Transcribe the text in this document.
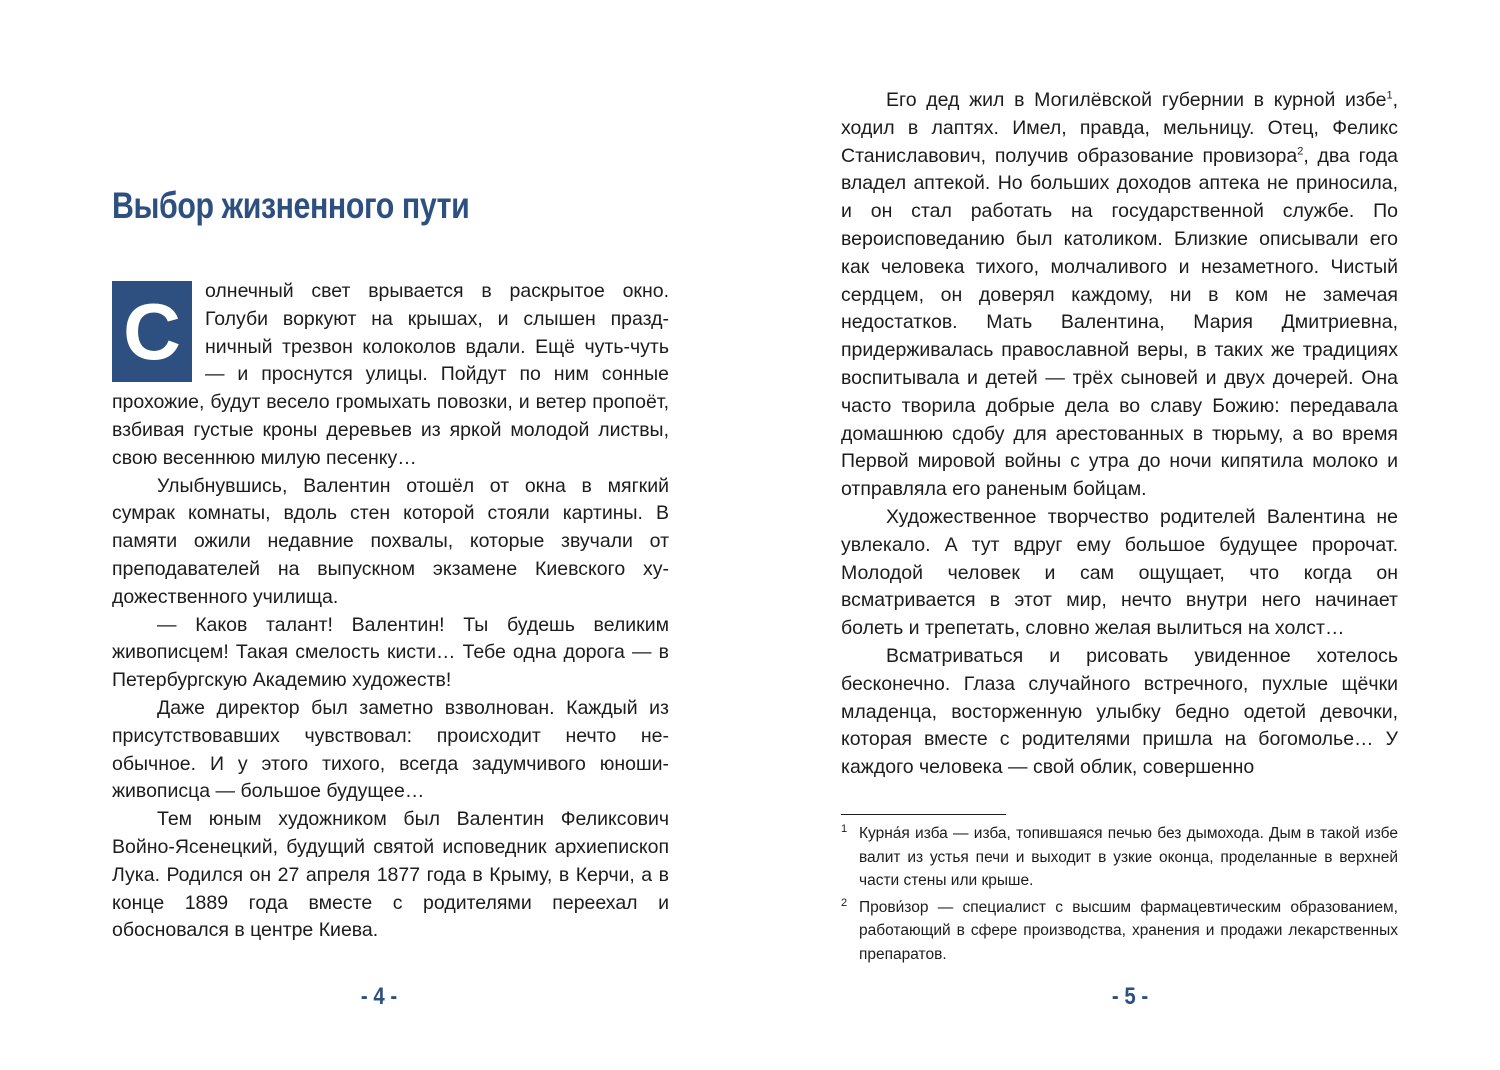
Выбор жизненного пути

С	олнечный свет врывается в раскрытое окно. Голуби воркуют на крышах, и слышен праздничный трезвон колоколов вдали. Ещё чуть-чуть — и проснутся улицы. Пойдут по ним сонные прохожие, будут весело громыхать повозки, и ветер пропоёт, взбивая густые кроны деревьев из яркой молодой листвы, свою весеннюю милую песенку…

Улыбнувшись, Валентин отошёл от окна в мягкий сумрак комнаты, вдоль стен которой стояли картины. В памяти ожили недавние похвалы, которые звучали от преподавателей на выпускном экзамене Киевского художественного училища.

— Каков талант! Валентин! Ты будешь великим живописцем! Такая смелость кисти… Тебе одна дорога — в Петербургскую Академию художеств!

Даже директор был заметно взволнован. Каждый из присутствовавших чувствовал: происходит нечто необычное. И у этого тихого, всегда задумчивого юноши-живописца — большое будущее…

Тем юным художником был Валентин Феликсович Войно-Ясенецкий, будущий святой исповедник архиепископ Лука. Родился он 27 апреля 1877 года в Крыму, в Керчи, а в конце 1889 года вместе с родителями переехал и обосновался в центре Киева.

- 4 -

Его дед жил в Могилёвской губернии в курной избе$^1$, ходил в лаптях. Имел, правда, мельницу. Отец, Феликс Станиславович, получив образование провизора$^2$, два года владел аптекой. Но больших доходов аптека не приносила, и он стал работать на государственной службе. По вероисповеданию был католиком. Близкие описывали его как человека тихого, молчаливого и незаметного. Чистый сердцем, он доверял каждому, ни в ком не замечая недостатков. Мать Валентина, Мария Дмитриевна, придерживалась православной веры, в таких же традициях воспитывала и детей — трёх сыновей и двух дочерей. Она часто творила добрые дела во славу Божию: передавала домашнюю сдобу для арестованных в тюрьму, а во время Первой мировой войны с утра до ночи кипятила молоко и отправляла его раненым бойцам.

Художественное творчество родителей Валентина не увлекало. А тут вдруг ему большое будущее пророчат. Молодой человек и сам ощущает, что когда он всматривается в этот мир, нечто внутри него начинает болеть и трепетать, словно желая вылиться на холст…

Всматриваться и рисовать увиденное хотелось бесконечно. Глаза случайного встречного, пухлые щёчки младенца, восторженную улыбку бедно одетой девочки, которая вместе с родителями пришла на богомолье… У каждого человека — свой облик, совершенно

1 Курна́я изба — изба, топившаяся печью без дымохода. Дым в такой избе валит из устья печи и выходит в узкие оконца, проделанные в верхней части стены или крыше.
2 Прови́зор — специалист с высшим фармацевтическим образованием, работающий в сфере производства, хранения и продажи лекарственных препаратов.
- 5 -
